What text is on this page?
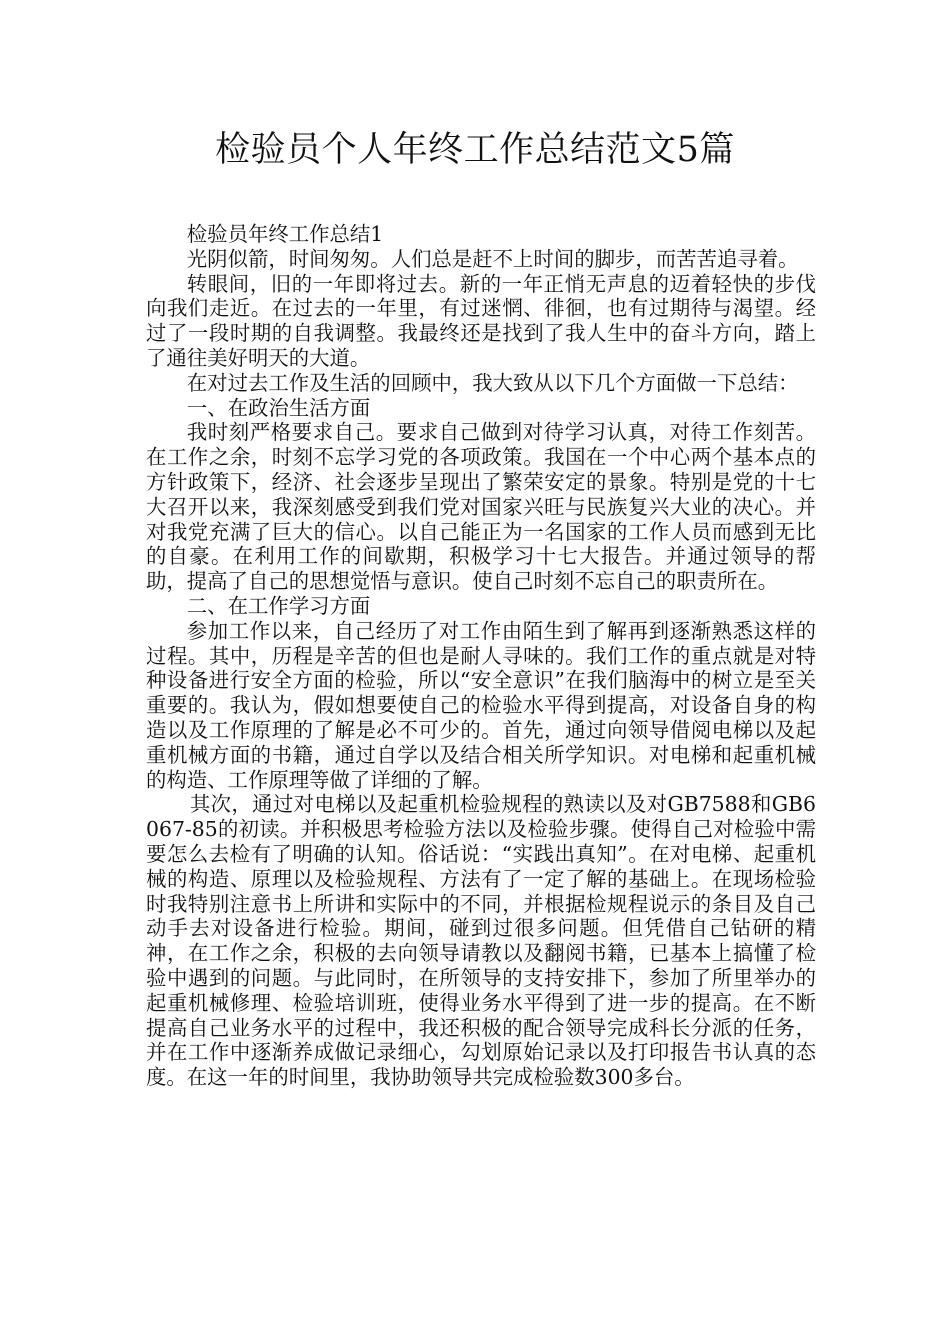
检验员个人年终工作总结范文5篇

检验员年终工作总结1

光阴似箭，时间匆匆。人们总是赶不上时间的脚步，而苦苦追寻着。

转眼间，旧的一年即将过去。新的一年正悄无声息的迈着轻快的步伐向我们走近。在过去的一年里，有过迷惘、徘徊，也有过期待与渴望。经过了一段时期的自我调整。我最终还是找到了我人生中的奋斗方向，踏上了通往美好明天的大道。

在对过去工作及生活的回顾中，我大致从以下几个方面做一下总结：

一、在政治生活方面

我时刻严格要求自己。要求自己做到对待学习认真，对待工作刻苦。在工作之余，时刻不忘学习党的各项政策。我国在一个中心两个基本点的方针政策下，经济、社会逐步呈现出了繁荣安定的景象。特别是党的十七大召开以来，我深刻感受到我们党对国家兴旺与民族复兴大业的决心。并对我党充满了巨大的信心。以自己能正为一名国家的工作人员而感到无比的自豪。在利用工作的间歇期，积极学习十七大报告。并通过领导的帮助，提高了自己的思想觉悟与意识。使自己时刻不忘自己的职责所在。

二、在工作学习方面

参加工作以来，自己经历了对工作由陌生到了解再到逐渐熟悉这样的过程。其中，历程是辛苦的但也是耐人寻味的。我们工作的重点就是对特种设备进行安全方面的检验，所以“安全意识”在我们脑海中的树立是至关重要的。我认为，假如想要使自己的检验水平得到提高，对设备自身的构造以及工作原理的了解是必不可少的。首先，通过向领导借阅电梯以及起重机械方面的书籍，通过自学以及结合相关所学知识。对电梯和起重机械的构造、工作原理等做了详细的了解。

其次，通过对电梯以及起重机检验规程的熟读以及对GB7588和GB6067-85的初读。并积极思考检验方法以及检验步骤。使得自己对检验中需要怎么去检有了明确的认知。俗话说：“实践出真知”。在对电梯、起重机械的构造、原理以及检验规程、方法有了一定了解的基础上。在现场检验时我特别注意书上所讲和实际中的不同，并根据检规程说示的条目及自己动手去对设备进行检验。期间，碰到过很多问题。但凭借自己钻研的精神，在工作之余，积极的去向领导请教以及翻阅书籍，已基本上搞懂了检验中遇到的问题。与此同时，在所领导的支持安排下，参加了所里举办的起重机械修理、检验培训班，使得业务水平得到了进一步的提高。在不断提高自己业务水平的过程中，我还积极的配合领导完成科长分派的任务，并在工作中逐渐养成做记录细心，勾划原始记录以及打印报告书认真的态度。在这一年的时间里，我协助领导共完成检验数300多台。
